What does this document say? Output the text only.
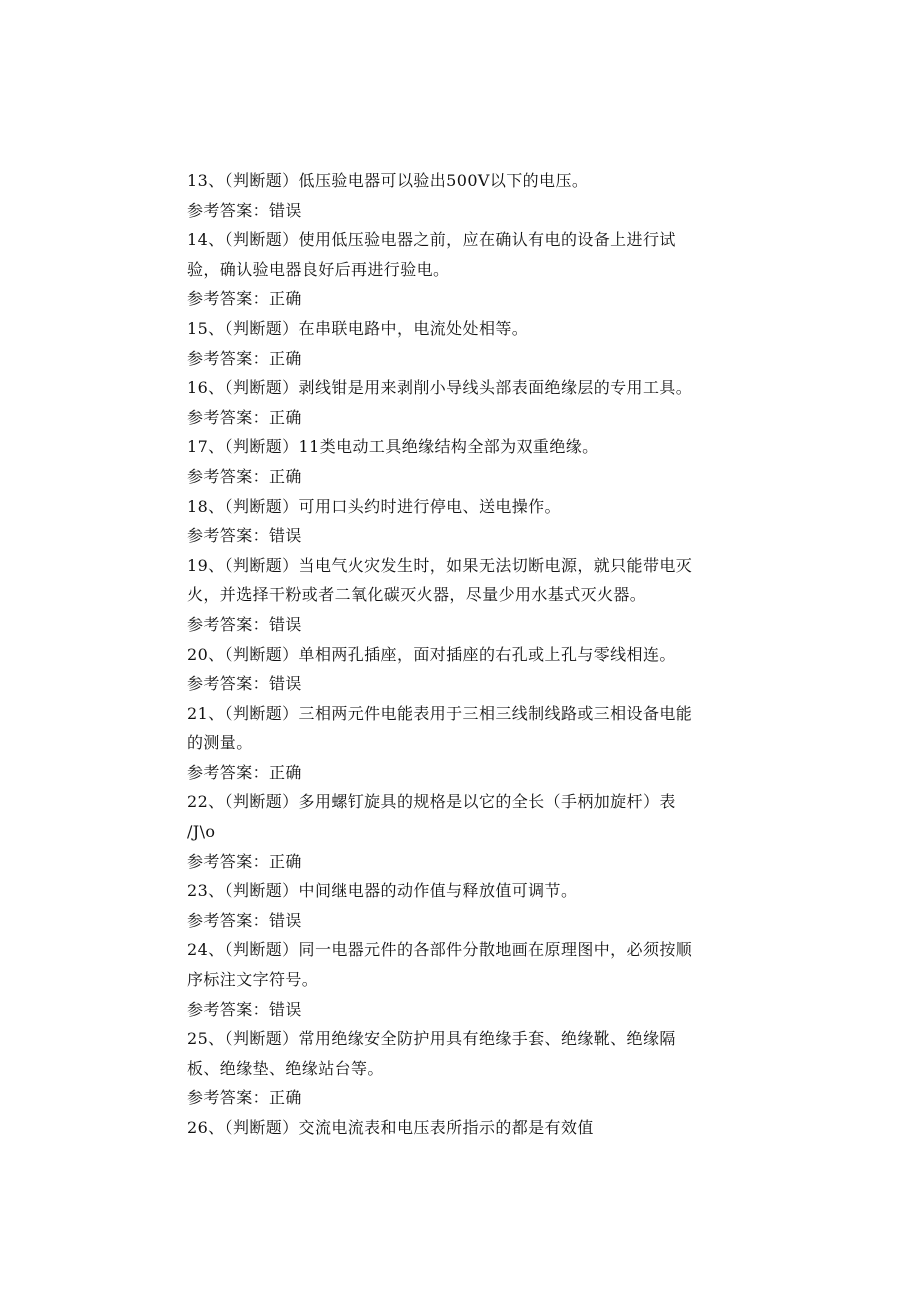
13、（判断题）低压验电器可以验出500V以下的电压。
参考答案：错误
14、（判断题）使用低压验电器之前，应在确认有电的设备上进行试
验，确认验电器良好后再进行验电。
参考答案：正确
15、（判断题）在串联电路中，电流处处相等。
参考答案：正确
16、（判断题）剥线钳是用来剥削小导线头部表面绝缘层的专用工具。
参考答案：正确
17、（判断题）11类电动工具绝缘结构全部为双重绝缘。
参考答案：正确
18、（判断题）可用口头约时进行停电、送电操作。
参考答案：错误
19、（判断题）当电气火灾发生时，如果无法切断电源，就只能带电灭
火，并选择干粉或者二氧化碳灭火器，尽量少用水基式灭火器。
参考答案：错误
20、（判断题）单相两孔插座，面对插座的右孔或上孔与零线相连。
参考答案：错误
21、（判断题）三相两元件电能表用于三相三线制线路或三相设备电能
的测量。
参考答案：正确
22、（判断题）多用螺钉旋具的规格是以它的全长（手柄加旋杆）表
∕J\o
参考答案：正确
23、（判断题）中间继电器的动作值与释放值可调节。
参考答案：错误
24、（判断题）同一电器元件的各部件分散地画在原理图中，必须按顺
序标注文字符号。
参考答案：错误
25、（判断题）常用绝缘安全防护用具有绝缘手套、绝缘靴、绝缘隔
板、绝缘垫、绝缘站台等。
参考答案：正确
26、（判断题）交流电流表和电压表所指示的都是有效值
